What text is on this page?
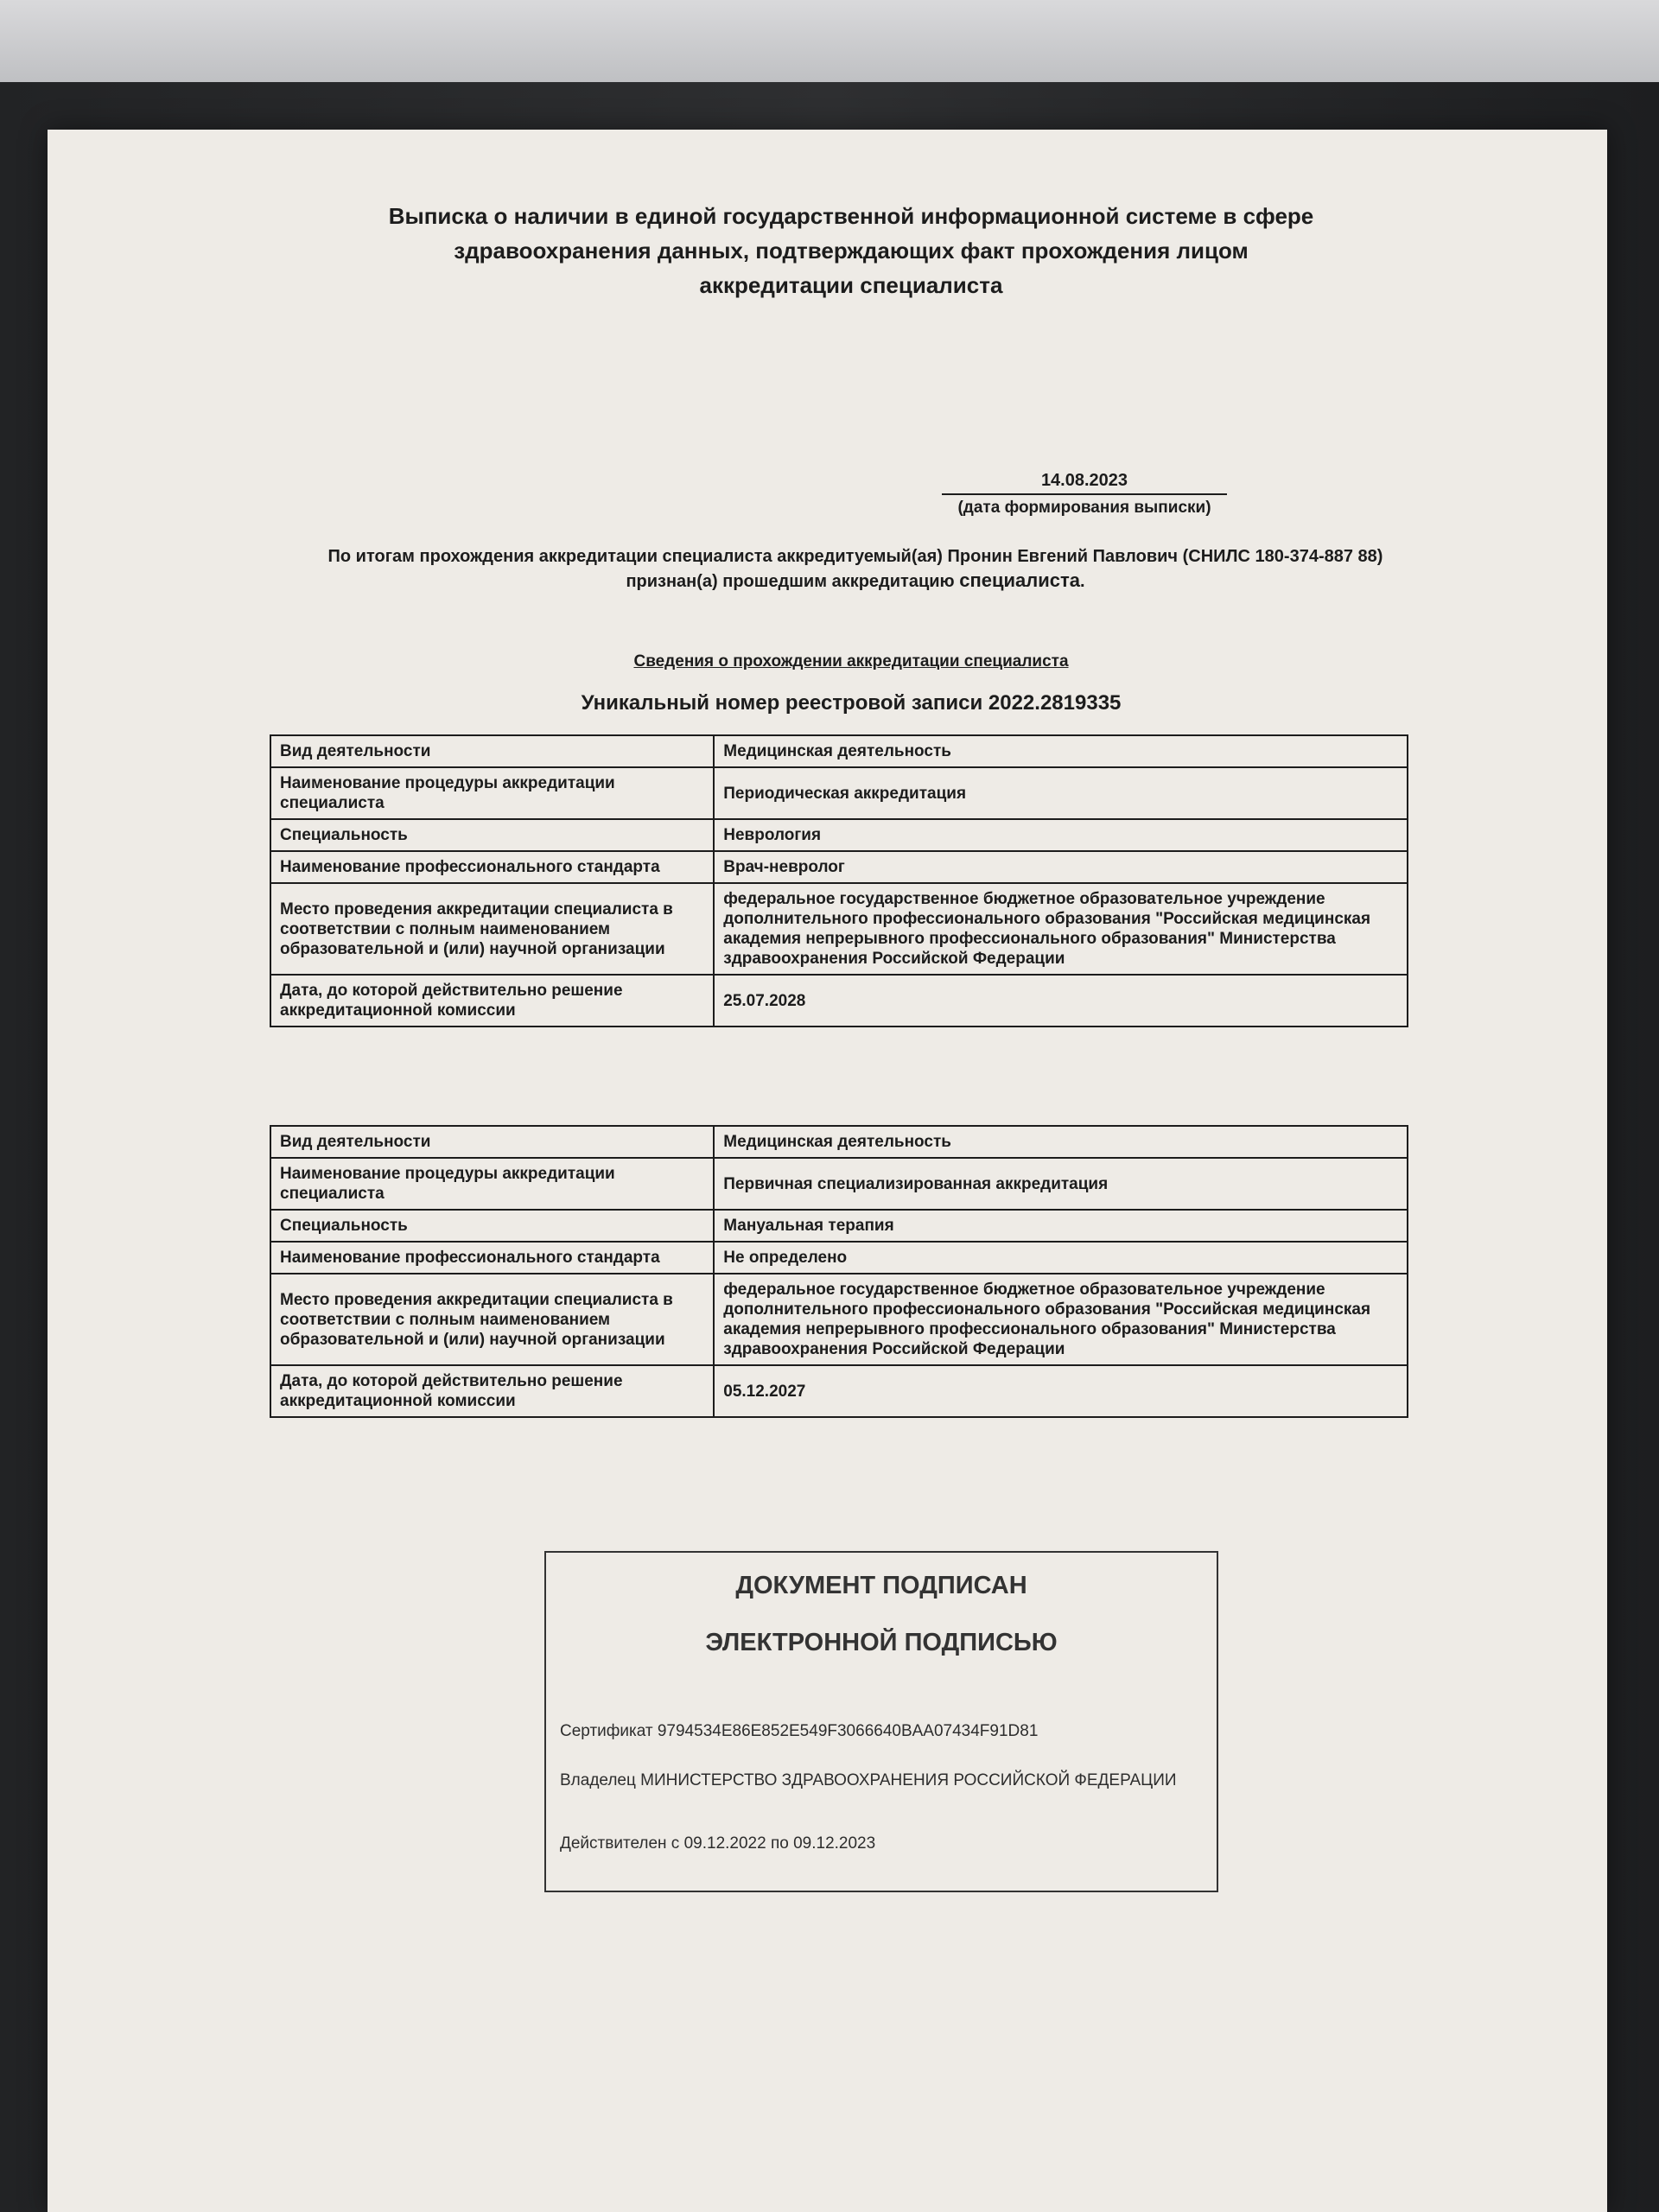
Выписка о наличии в единой государственной информационной системе в сфере здравоохранения данных, подтверждающих факт прохождения лицом аккредитации специалиста
14.08.2023
(дата формирования выписки)
По итогам прохождения аккредитации специалиста аккредитуемый(ая) Пронин Евгений Павлович (СНИЛС 180-374-887 88) признан(а) прошедшим аккредитацию специалиста.
Сведения о прохождении аккредитации специалиста
Уникальный номер реестровой записи 2022.2819335
Вид деятельности	Медицинская деятельность
Наименование процедуры аккредитации специалиста	Периодическая аккредитация
Специальность	Неврология
Наименование профессионального стандарта	Врач-невролог
Место проведения аккредитации специалиста в соответствии с полным наименованием образовательной и (или) научной организации	федеральное государственное бюджетное образовательное учреждение дополнительного профессионального образования "Российская медицинская академия непрерывного профессионального образования" Министерства здравоохранения Российской Федерации
Дата, до которой действительно решение аккредитационной комиссии	25.07.2028
Вид деятельности	Медицинская деятельность
Наименование процедуры аккредитации специалиста	Первичная специализированная аккредитация
Специальность	Мануальная терапия
Наименование профессионального стандарта	Не определено
Место проведения аккредитации специалиста в соответствии с полным наименованием образовательной и (или) научной организации	федеральное государственное бюджетное образовательное учреждение дополнительного профессионального образования "Российская медицинская академия непрерывного профессионального образования" Министерства здравоохранения Российской Федерации
Дата, до которой действительно решение аккредитационной комиссии	05.12.2027
ДОКУМЕНТ ПОДПИСАН
ЭЛЕКТРОННОЙ ПОДПИСЬЮ
Сертификат 9794534E86E852E549F3066640BAA07434F91D81
Владелец МИНИСТЕРСТВО ЗДРАВООХРАНЕНИЯ РОССИЙСКОЙ ФЕДЕРАЦИИ
Действителен с 09.12.2022 по 09.12.2023
